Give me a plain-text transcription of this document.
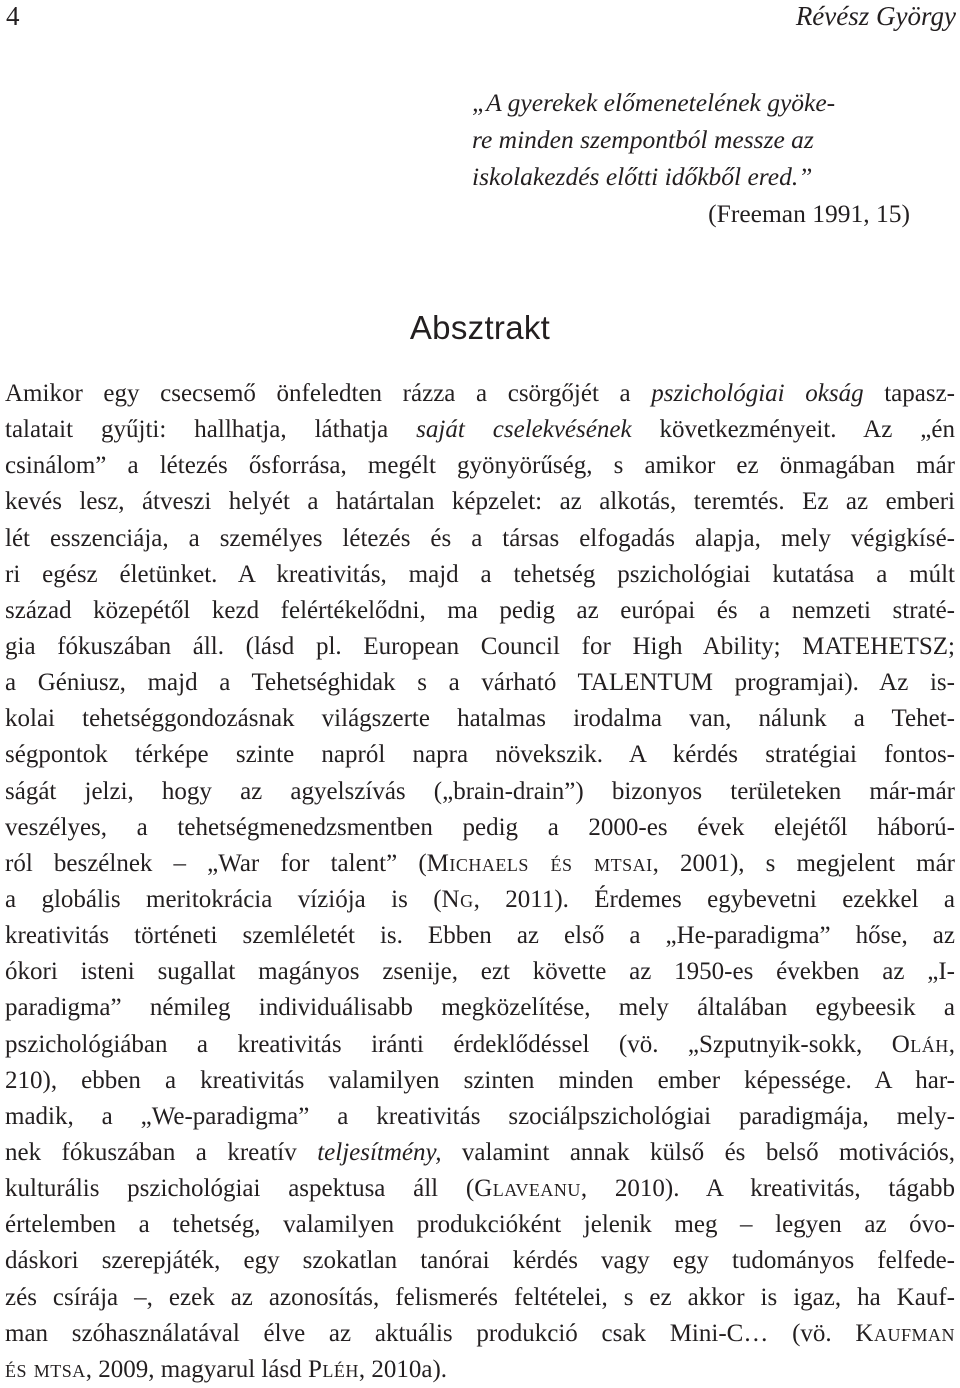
4	Révész György
„A gyerekek előmenetelének gyöke-
re minden szempontból messze az
iskolakezdés előtti időkből ered.”
(Freeman 1991, 15)
Absztrakt
Amikor egy csecsemő önfeledten rázza a csörgőjét a pszichológiai okság tapasz-
talatait gyűjti: hallhatja, láthatja saját cselekvésének következményeit. Az „én
csinálom” a létezés ősforrása, megélt gyönyörűség, s amikor ez önmagában már
kevés lesz, átveszi helyét a határtalan képzelet: az alkotás, teremtés. Ez az emberi
lét esszenciája, a személyes létezés és a társas elfogadás alapja, mely végigkísé-
ri egész életünket. A kreativitás, majd a tehetség pszichológiai kutatása a múlt
század közepétől kezd felértékelődni, ma pedig az európai és a nemzeti straté-
gia fókuszában áll. (lásd pl. European Council for High Ability; MATEHETSZ;
a Géniusz, majd a Tehetséghidak s a várható TALENTUM programjai). Az is-
kolai tehetséggondozásnak világszerte hatalmas irodalma van, nálunk a Tehet-
ségpontok térképe szinte napról napra növekszik. A kérdés stratégiai fontos-
ságát jelzi, hogy az agyelszívás („brain-drain”) bizonyos területeken már-már
veszélyes, a tehetségmenedzsmentben pedig a 2000-es évek elejétől háború-
ról beszélnek – „War for talent” (Michaels és mtsai, 2001), s megjelent már
a globális meritokrácia víziója is (Ng, 2011). Érdemes egybevetni ezekkel a
kreativitás történeti szemléletét is. Ebben az első a „He-paradigma” hőse, az
ókori isteni sugallat magányos zsenije, ezt követte az 1950-es években az „I-
paradigma” némileg individuálisabb megközelítése, mely általában egybeesik a
pszichológiában a kreativitás iránti érdeklődéssel (vö. „Szputnyik-sokk, Oláh,
210), ebben a kreativitás valamilyen szinten minden ember képessége. A har-
madik, a „We-paradigma” a kreativitás szociálpszichológiai paradigmája, mely-
nek fókuszában a kreatív teljesítmény, valamint annak külső és belső motivációs,
kulturális pszichológiai aspektusa áll (Glaveanu, 2010). A kreativitás, tágabb
értelemben a tehetség, valamilyen produkcióként jelenik meg – legyen az óvo-
dáskori szerepjáték, egy szokatlan tanórai kérdés vagy egy tudományos felfede-
zés csírája –, ezek az azonosítás, felismerés feltételei, s ez akkor is igaz, ha Kauf-
man szóhasználatával élve az aktuális produkció csak Mini-C… (vö. Kaufman
és mtsa, 2009, magyarul lásd Pléh, 2010a).
